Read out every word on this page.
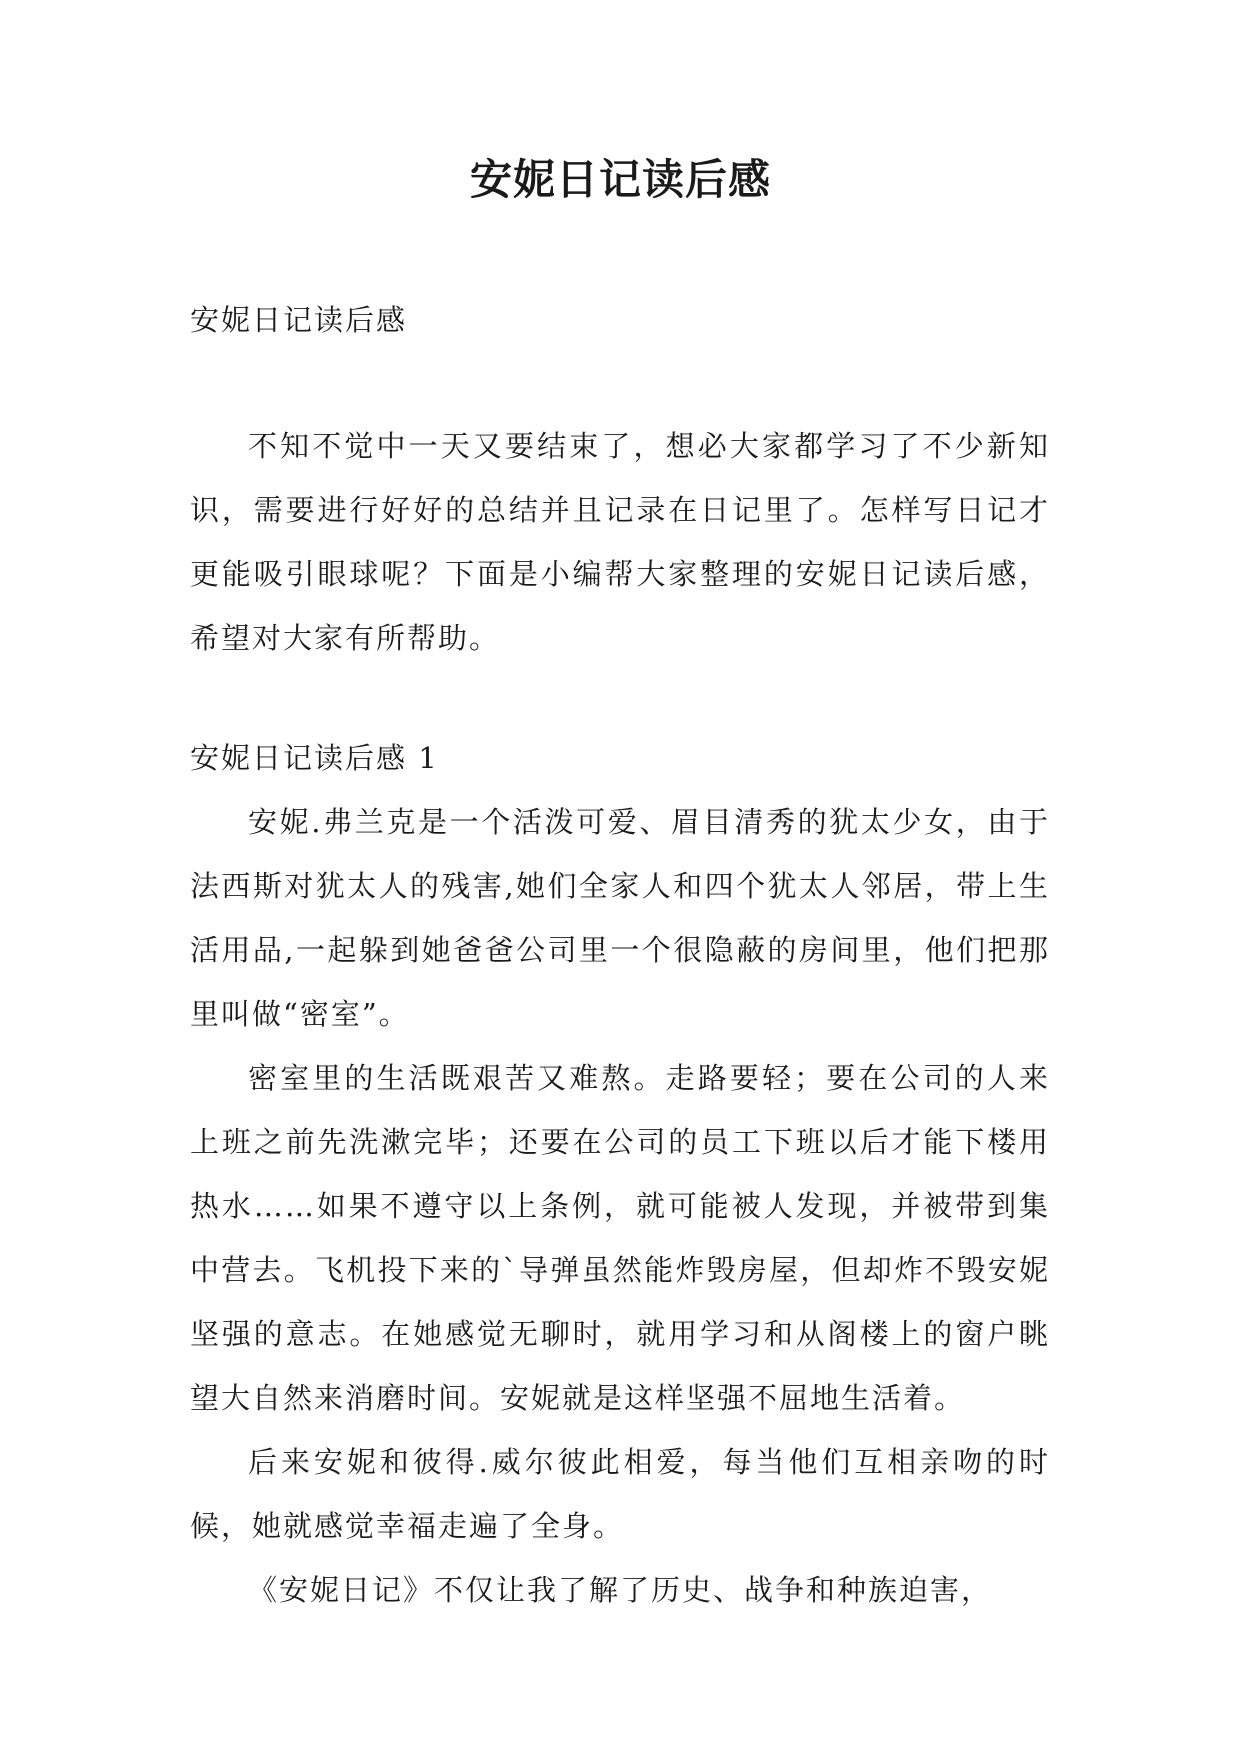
安妮日记读后感

安妮日记读后感

不知不觉中一天又要结束了，想必大家都学习了不少新知识，需要进行好好的总结并且记录在日记里了。怎样写日记才更能吸引眼球呢？下面是小编帮大家整理的安妮日记读后感，希望对大家有所帮助。

安妮日记读后感 1

安妮.弗兰克是一个活泼可爱、眉目清秀的犹太少女，由于法西斯对犹太人的残害,她们全家人和四个犹太人邻居，带上生活用品,一起躲到她爸爸公司里一个很隐蔽的房间里，他们把那里叫做“密室”。

密室里的生活既艰苦又难熬。走路要轻；要在公司的人来上班之前先洗漱完毕；还要在公司的员工下班以后才能下楼用热水……如果不遵守以上条例，就可能被人发现，并被带到集中营去。飞机投下来的`导弹虽然能炸毁房屋，但却炸不毁安妮坚强的意志。在她感觉无聊时，就用学习和从阁楼上的窗户眺望大自然来消磨时间。安妮就是这样坚强不屈地生活着。

后来安妮和彼得.威尔彼此相爱，每当他们互相亲吻的时候，她就感觉幸福走遍了全身。

《安妮日记》不仅让我了解了历史、战争和种族迫害，
